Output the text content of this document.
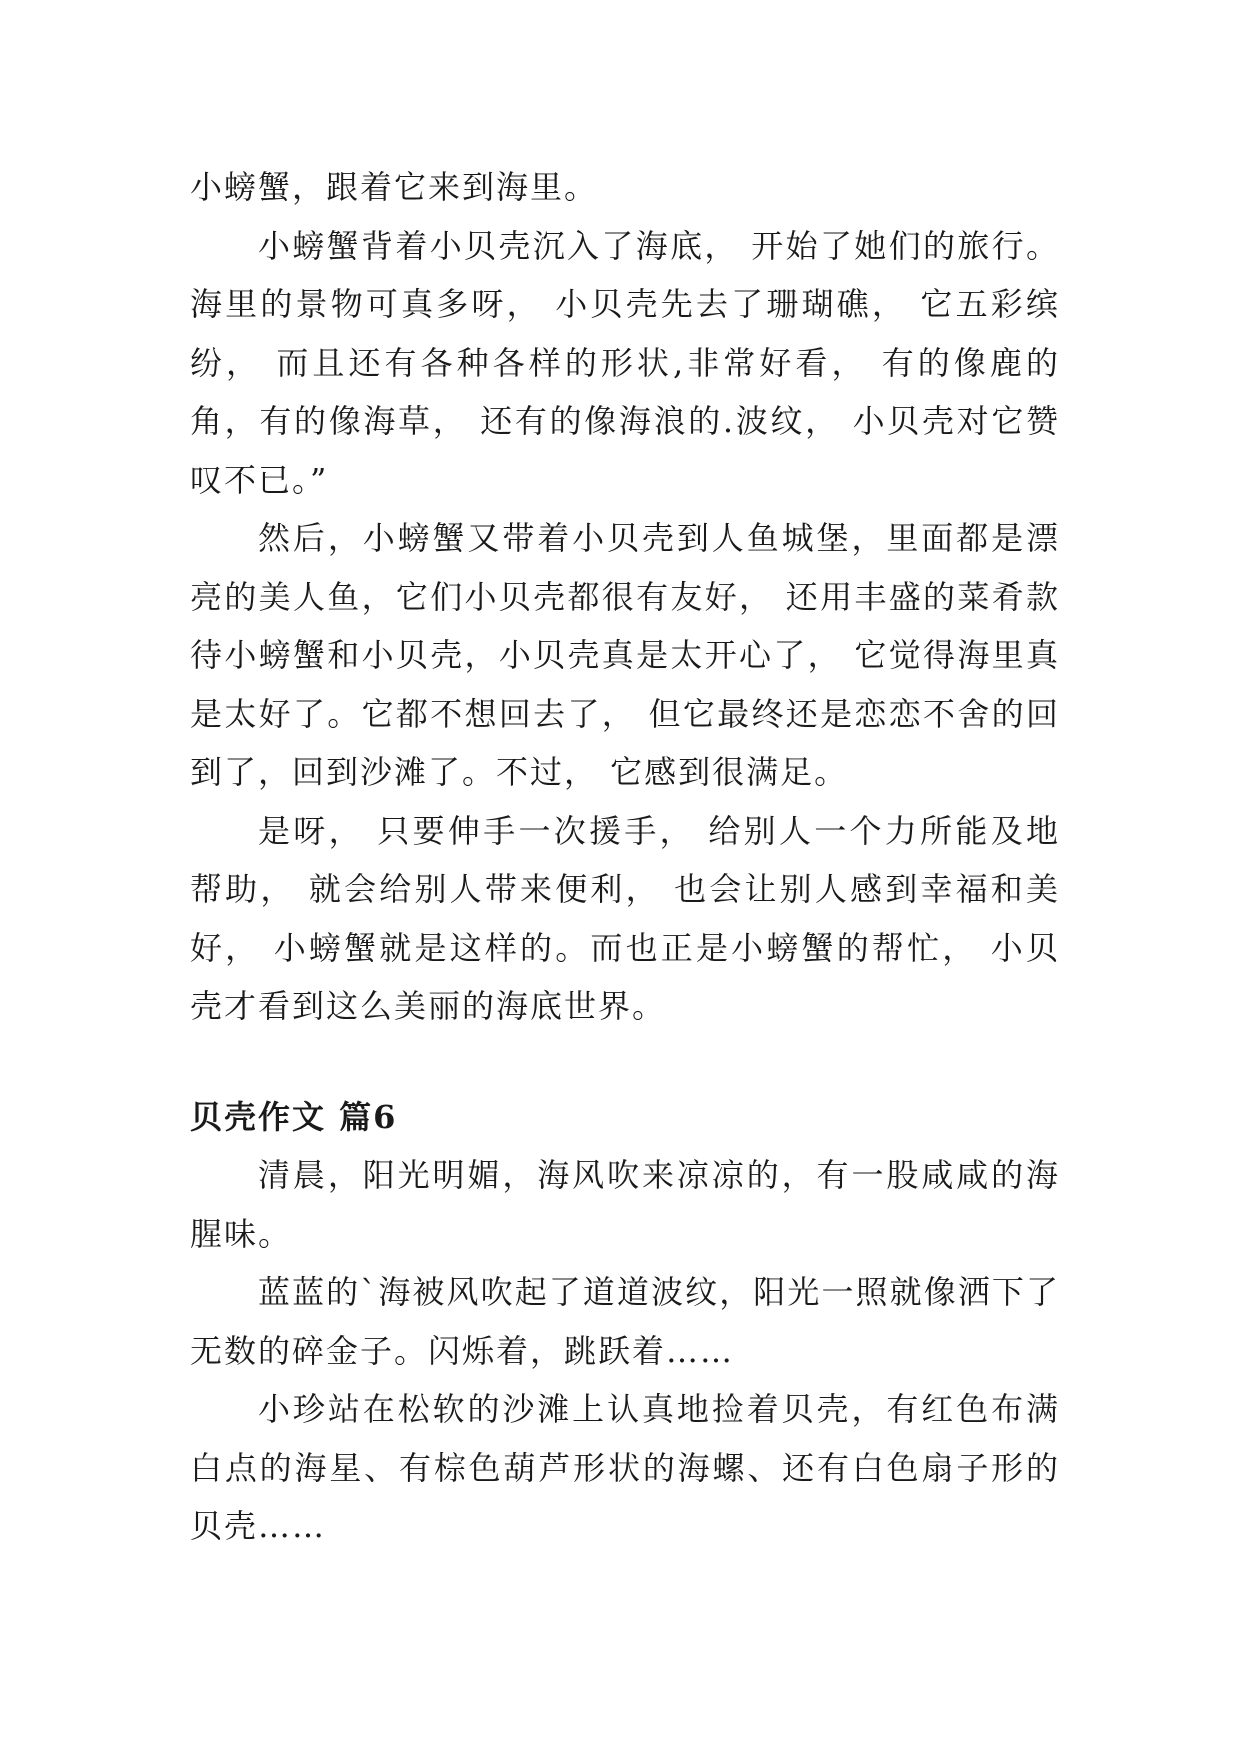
小螃蟹，跟着它来到海里。

小螃蟹背着小贝壳沉入了海底， 开始了她们的旅行。海里的景物可真多呀， 小贝壳先去了珊瑚礁， 它五彩缤纷， 而且还有各种各样的形状,非常好看， 有的像鹿的角，有的像海草， 还有的像海浪的.波纹， 小贝壳对它赞叹不已。”

然后，小螃蟹又带着小贝壳到人鱼城堡，里面都是漂亮的美人鱼，它们小贝壳都很有友好， 还用丰盛的菜肴款待小螃蟹和小贝壳，小贝壳真是太开心了， 它觉得海里真是太好了。它都不想回去了， 但它最终还是恋恋不舍的回到了，回到沙滩了。不过， 它感到很满足。

是呀， 只要伸手一次援手， 给别人一个力所能及地帮助， 就会给别人带来便利， 也会让别人感到幸福和美好， 小螃蟹就是这样的。而也正是小螃蟹的帮忙， 小贝壳才看到这么美丽的海底世界。

贝壳作文 篇6

清晨，阳光明媚，海风吹来凉凉的，有一股咸咸的海腥味。

蓝蓝的`海被风吹起了道道波纹，阳光一照就像洒下了无数的碎金子。闪烁着，跳跃着……

小珍站在松软的沙滩上认真地捡着贝壳，有红色布满白点的海星、有棕色葫芦形状的海螺、还有白色扇子形的贝壳……
